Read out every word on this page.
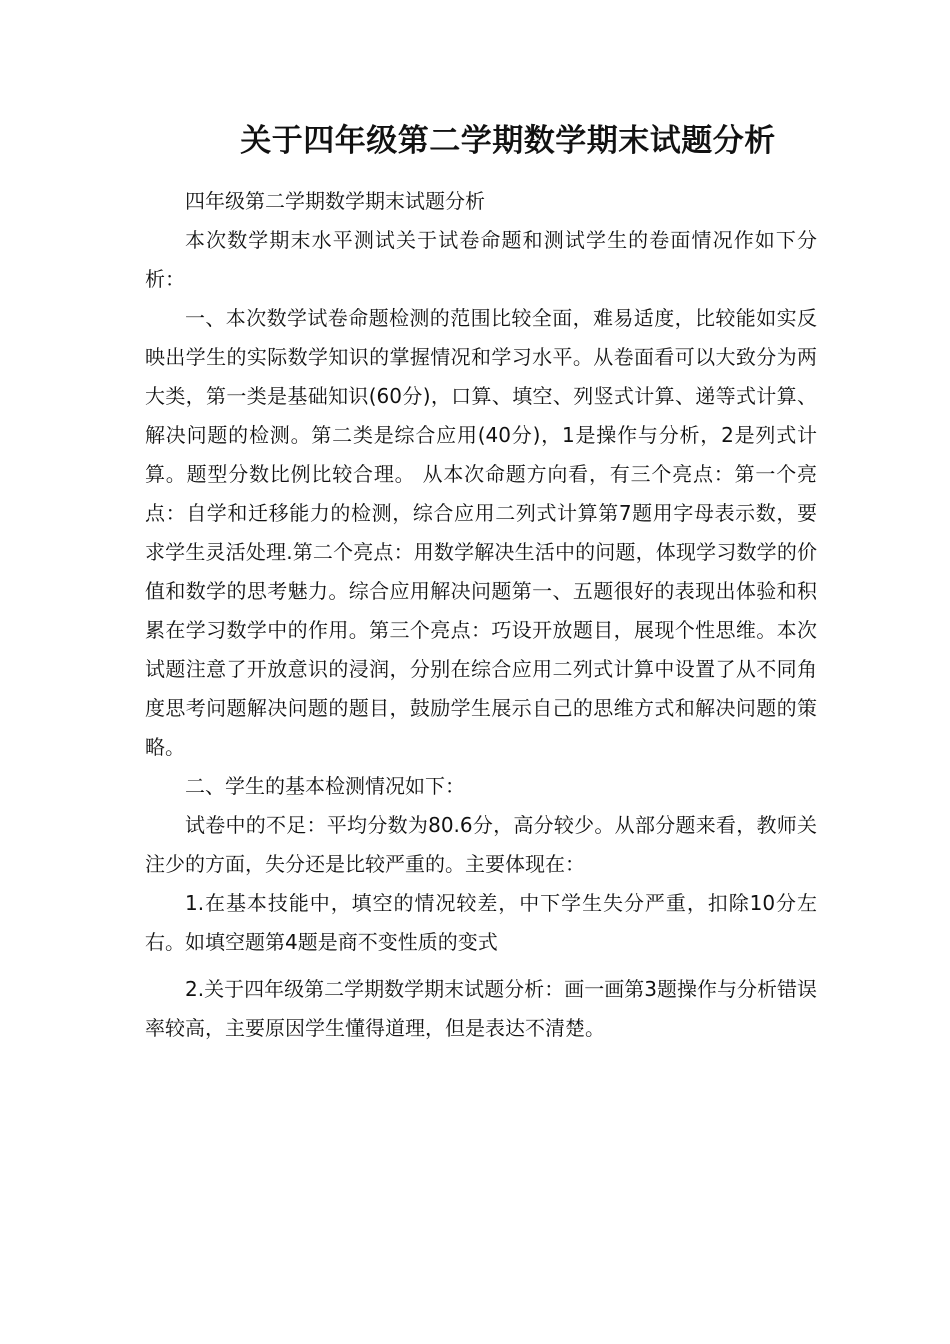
关于四年级第二学期数学期末试题分析

四年级第二学期数学期末试题分析

本次数学期末水平测试关于试卷命题和测试学生的卷面情况作如下分析：

一、本次数学试卷命题检测的范围比较全面，难易适度，比较能如实反映出学生的实际数学知识的掌握情况和学习水平。从卷面看可以大致分为两大类，第一类是基础知识(60分)，口算、填空、列竖式计算、递等式计算、解决问题的检测。第二类是综合应用(40分)，1是操作与分析，2是列式计算。题型分数比例比较合理。 从本次命题方向看，有三个亮点：第一个亮点：自学和迁移能力的检测，综合应用二列式计算第7题用字母表示数，要求学生灵活处理.第二个亮点：用数学解决生活中的问题，体现学习数学的价值和数学的思考魅力。综合应用解决问题第一、五题很好的表现出体验和积累在学习数学中的作用。第三个亮点：巧设开放题目，展现个性思维。本次试题注意了开放意识的浸润，分别在综合应用二列式计算中设置了从不同角度思考问题解决问题的题目，鼓励学生展示自己的思维方式和解决问题的策略。

二、学生的基本检测情况如下：

试卷中的不足：平均分数为80.6分，高分较少。从部分题来看，教师关注少的方面，失分还是比较严重的。主要体现在：

1.在基本技能中，填空的情况较差，中下学生失分严重，扣除10分左右。如填空题第4题是商不变性质的变式

2.关于四年级第二学期数学期末试题分析：画一画第3题操作与分析错误率较高，主要原因学生懂得道理，但是表达不清楚。
